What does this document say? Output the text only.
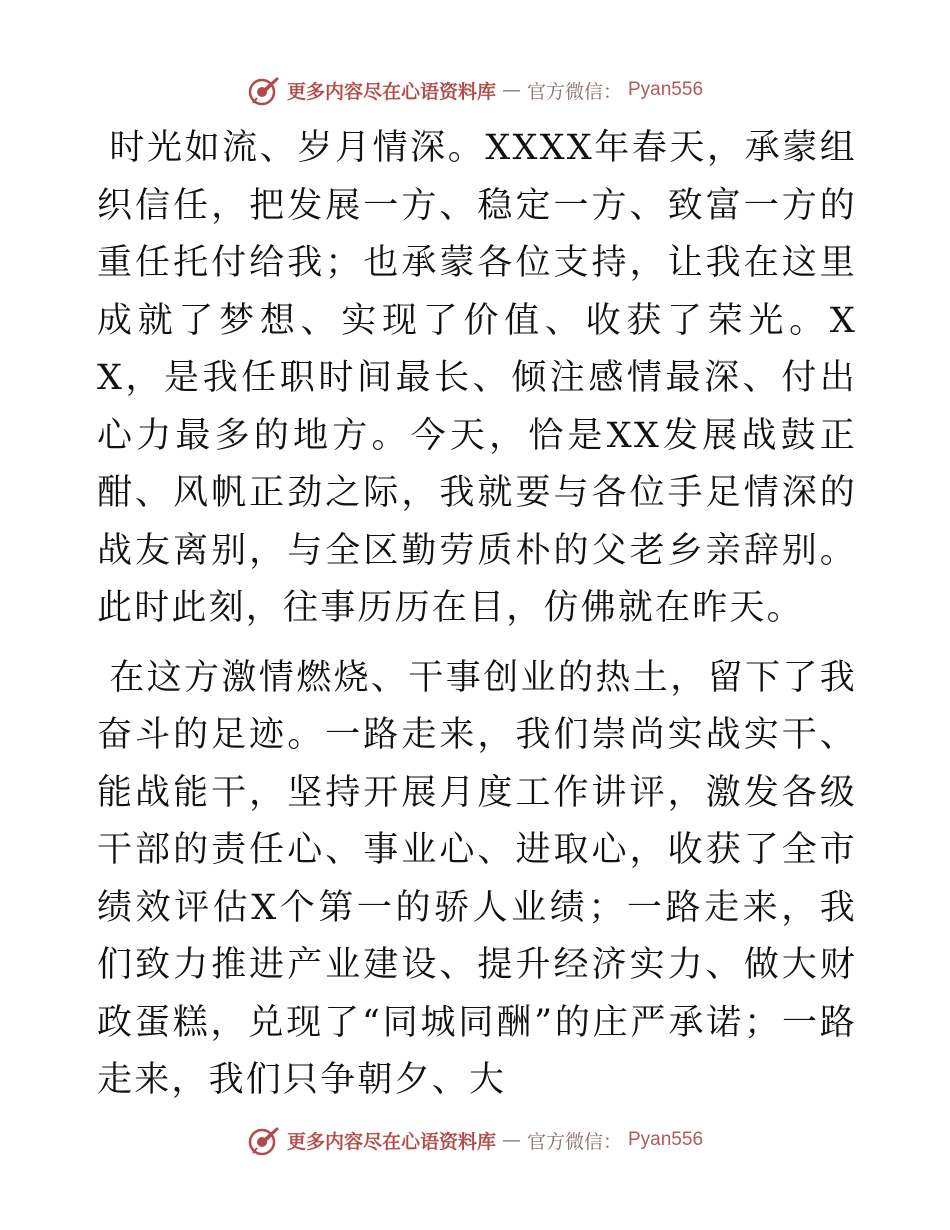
更多内容尽在心语资料库 — 官方微信： Pyan556

时光如流、岁月情深。XXXX年春天，承蒙组织信任，把发展一方、稳定一方、致富一方的重任托付给我；也承蒙各位支持，让我在这里成就了梦想、实现了价值、收获了荣光。XX，是我任职时间最长、倾注感情最深、付出心力最多的地方。今天，恰是XX发展战鼓正酣、风帆正劲之际，我就要与各位手足情深的战友离别，与全区勤劳质朴的父老乡亲辞别。此时此刻，往事历历在目，仿佛就在昨天。

在这方激情燃烧、干事创业的热土，留下了我奋斗的足迹。一路走来，我们崇尚实战实干、能战能干，坚持开展月度工作讲评，激发各级干部的责任心、事业心、进取心，收获了全市绩效评估X个第一的骄人业绩；一路走来，我们致力推进产业建设、提升经济实力、做大财政蛋糕，兑现了“同城同酬”的庄严承诺；一路走来，我们只争朝夕、大

更多内容尽在心语资料库 — 官方微信： Pyan556
